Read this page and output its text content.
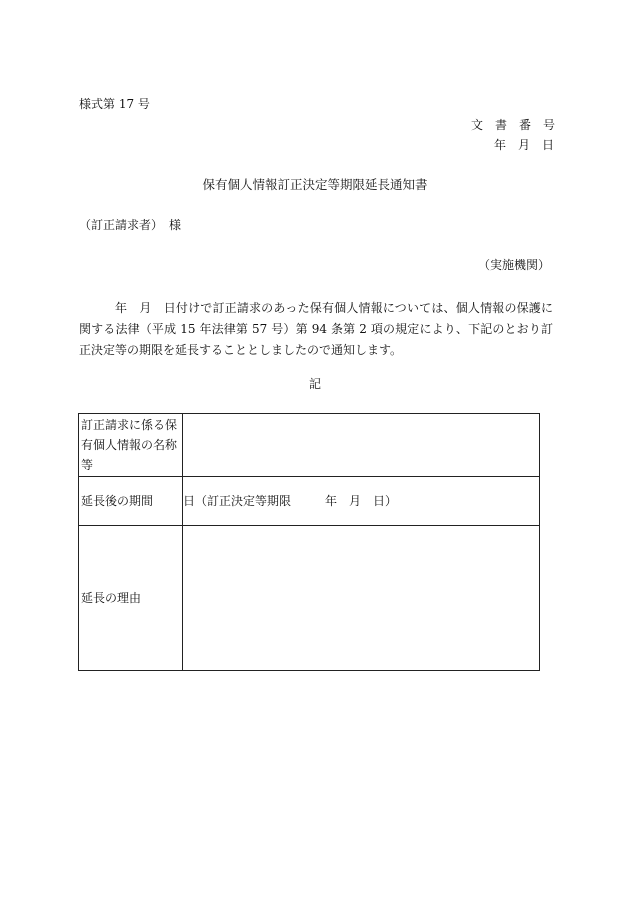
様式第 17 号
文　書　番　号
年　月　日
保有個人情報訂正決定等期限延長通知書
（訂正請求者）　様
（実施機関）
年　月　日付けで訂正請求のあった保有個人情報については、個人情報の保護に関する法律（平成 15 年法律第 57 号）第 94 条第 2 項の規定により、下記のとおり訂正決定等の期限を延長することとしましたので通知します。
記
訂正請求に係る保有個人情報の名称等	
延長後の期間	日（訂正決定等期限 年　月　日）
延長の理由	
